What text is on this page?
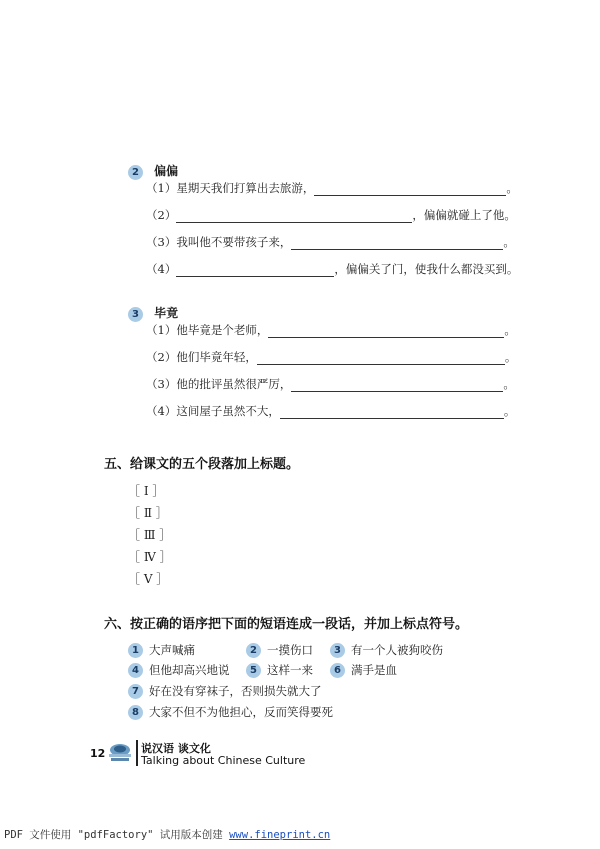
2 偏偏
（1） 星期天我们打算出去旅游，	。
（2）	，偏偏就碰上了他。
（3） 我叫他不要带孩子来，	。
（4）	，偏偏关了门，使我什么都没买到。
3 毕竟
（1） 他毕竟是个老师，	。
（2） 他们毕竟年轻，	。
（3） 他的批评虽然很严厉，	。
（4） 这间屋子虽然不大，	。
五、给课文的五个段落加上标题。
［ Ⅰ ］
［ Ⅱ ］
［ Ⅲ ］
［ Ⅳ ］
［ Ⅴ ］
六、按正确的语序把下面的短语连成一段话，并加上标点符号。
1 大声喊痛	2 一摸伤口	3 有一个人被狗咬伤
4 但他却高兴地说	5 这样一来	6 满手是血
7 好在没有穿袜子，否则损失就大了
8 大家不但不为他担心，反而笑得要死
12	说汉语 谈文化
Talking about Chinese Culture
PDF 文件使用 "pdfFactory" 试用版本创建 www.fineprint.cn
